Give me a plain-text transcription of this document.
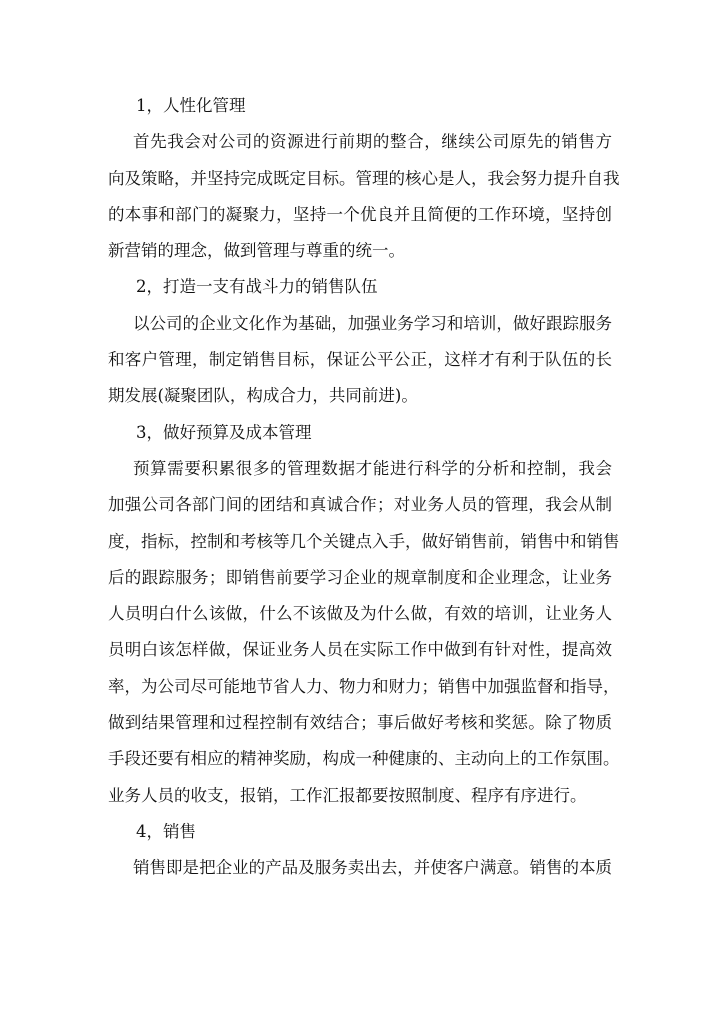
1，人性化管理
首先我会对公司的资源进行前期的整合，继续公司原先的销售方
向及策略，并坚持完成既定目标。管理的核心是人，我会努力提升自我
的本事和部门的凝聚力，坚持一个优良并且简便的工作环境，坚持创
新营销的理念，做到管理与尊重的统一。
2，打造一支有战斗力的销售队伍
以公司的企业文化作为基础，加强业务学习和培训，做好跟踪服务
和客户管理，制定销售目标，保证公平公正，这样才有利于队伍的长
期发展(凝聚团队，构成合力，共同前进)。
3，做好预算及成本管理
预算需要积累很多的管理数据才能进行科学的分析和控制，我会
加强公司各部门间的团结和真诚合作；对业务人员的管理，我会从制
度，指标，控制和考核等几个关键点入手，做好销售前，销售中和销售
后的跟踪服务；即销售前要学习企业的规章制度和企业理念，让业务
人员明白什么该做，什么不该做及为什么做，有效的培训，让业务人
员明白该怎样做，保证业务人员在实际工作中做到有针对性，提高效
率，为公司尽可能地节省人力、物力和财力；销售中加强监督和指导，
做到结果管理和过程控制有效结合；事后做好考核和奖惩。除了物质
手段还要有相应的精神奖励，构成一种健康的、主动向上的工作氛围。
业务人员的收支，报销，工作汇报都要按照制度、程序有序进行。
4，销售
销售即是把企业的产品及服务卖出去，并使客户满意。销售的本质
